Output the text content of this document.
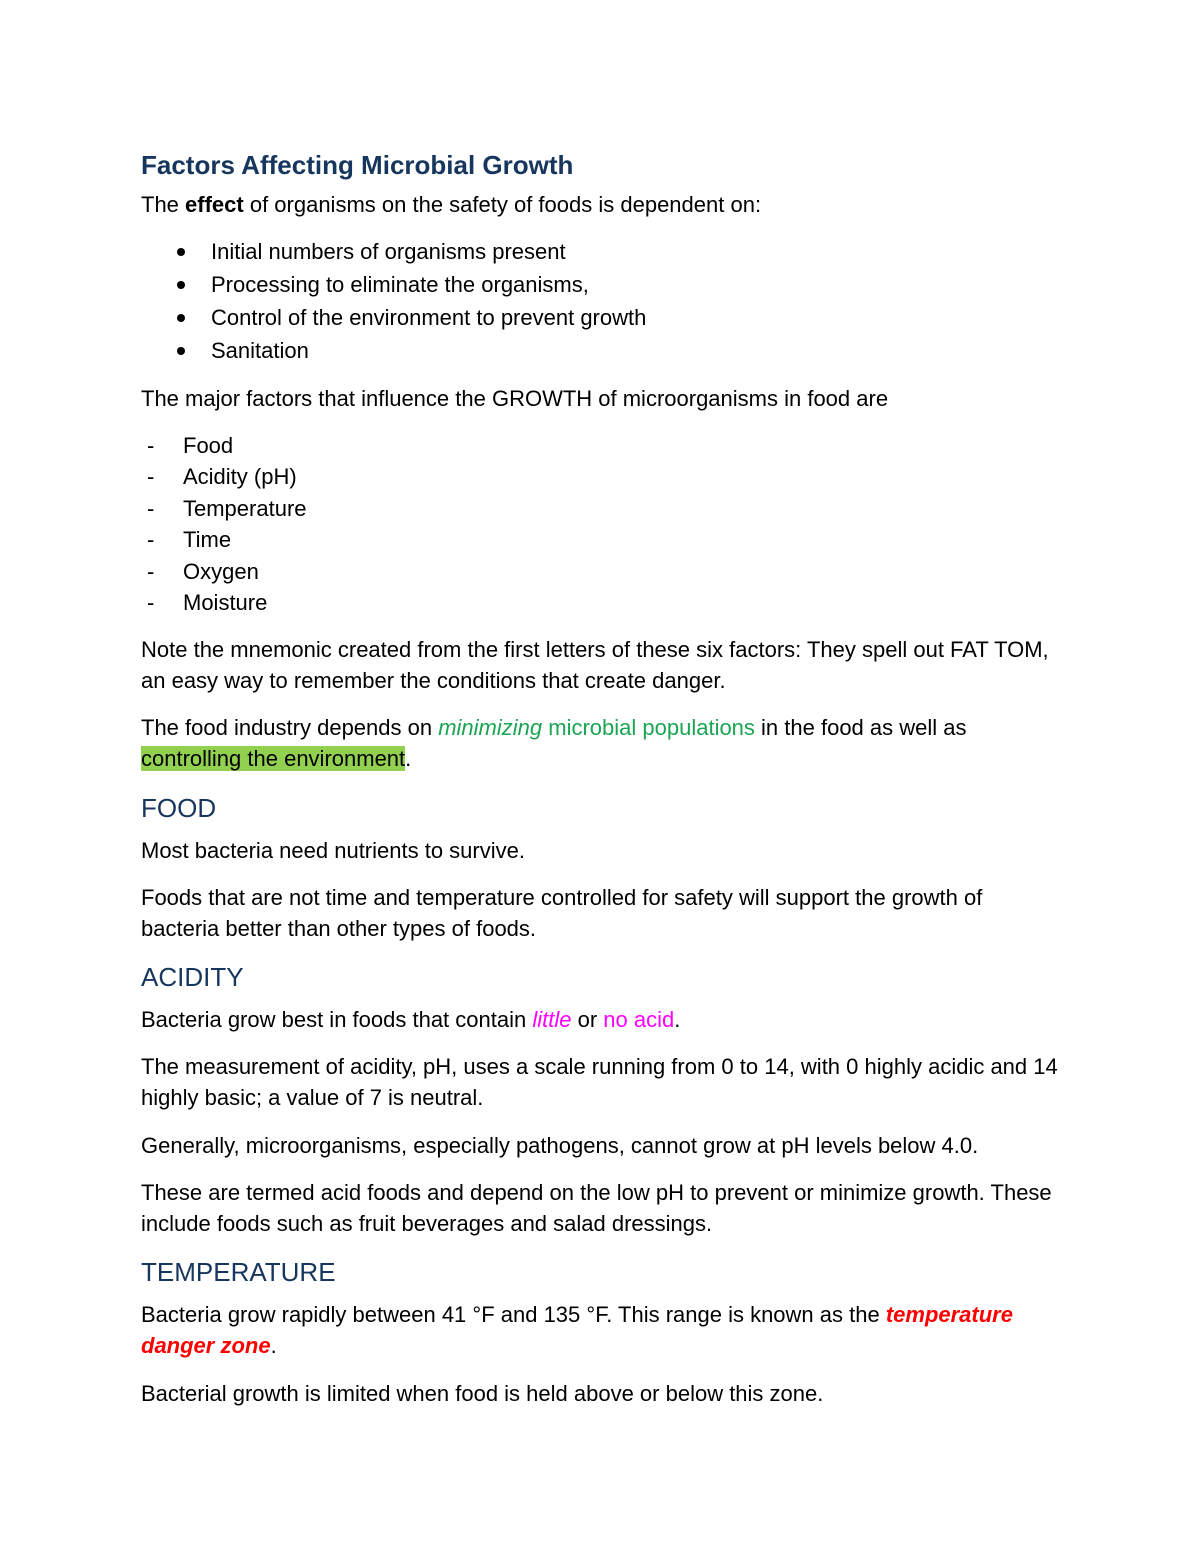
Factors Affecting Microbial Growth

The effect of organisms on the safety of foods is dependent on:

Initial numbers of organisms present
Processing to eliminate the organisms,
Control of the environment to prevent growth
Sanitation

The major factors that influence the GROWTH of microorganisms in food are

- Food
- Acidity (pH)
- Temperature
- Time
- Oxygen
- Moisture

Note the mnemonic created from the first letters of these six factors: They spell out FAT TOM, an easy way to remember the conditions that create danger.

The food industry depends on minimizing microbial populations in the food as well as controlling the environment.

FOOD

Most bacteria need nutrients to survive.

Foods that are not time and temperature controlled for safety will support the growth of bacteria better than other types of foods.

ACIDITY

Bacteria grow best in foods that contain little or no acid.

The measurement of acidity, pH, uses a scale running from 0 to 14, with 0 highly acidic and 14 highly basic; a value of 7 is neutral.

Generally, microorganisms, especially pathogens, cannot grow at pH levels below 4.0.

These are termed acid foods and depend on the low pH to prevent or minimize growth. These include foods such as fruit beverages and salad dressings.

TEMPERATURE

Bacteria grow rapidly between 41 °F and 135 °F. This range is known as the temperature danger zone.

Bacterial growth is limited when food is held above or below this zone.
